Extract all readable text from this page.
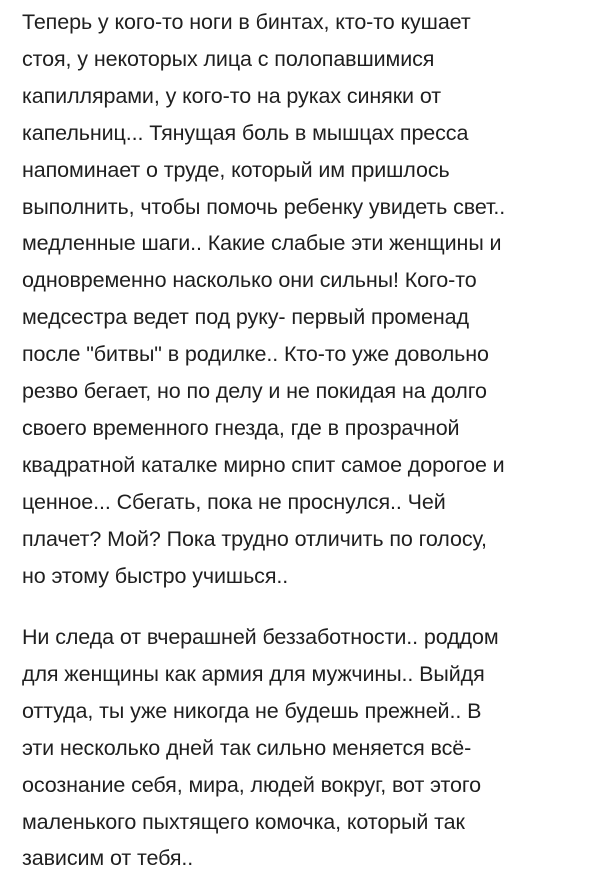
Теперь у кого-то ноги в бинтах, кто-то кушает
стоя, у некоторых лица с полопавшимися
капиллярами, у кого-то на руках синяки от
капельниц... Тянущая боль в мышцах пресса
напоминает о труде, который им пришлось
выполнить, чтобы помочь ребенку увидеть свет..
медленные шаги.. Какие слабые эти женщины и
одновременно насколько они сильны! Кого-то
медсестра ведет под руку- первый променад
после "битвы" в родилке.. Кто-то уже довольно
резво бегает, но по делу и не покидая на долго
своего временного гнезда, где в прозрачной
квадратной каталке мирно спит самое дорогое и
ценное... Сбегать, пока не проснулся.. Чей
плачет? Мой? Пока трудно отличить по голосу,
но этому быстро учишься..
Ни следа от вчерашней беззаботности.. роддом
для женщины как армия для мужчины.. Выйдя
оттуда, ты уже никогда не будешь прежней.. В
эти несколько дней так сильно меняется всё-
осознание себя, мира, людей вокруг, вот этого
маленького пыхтящего комочка, который так
зависим от тебя..
